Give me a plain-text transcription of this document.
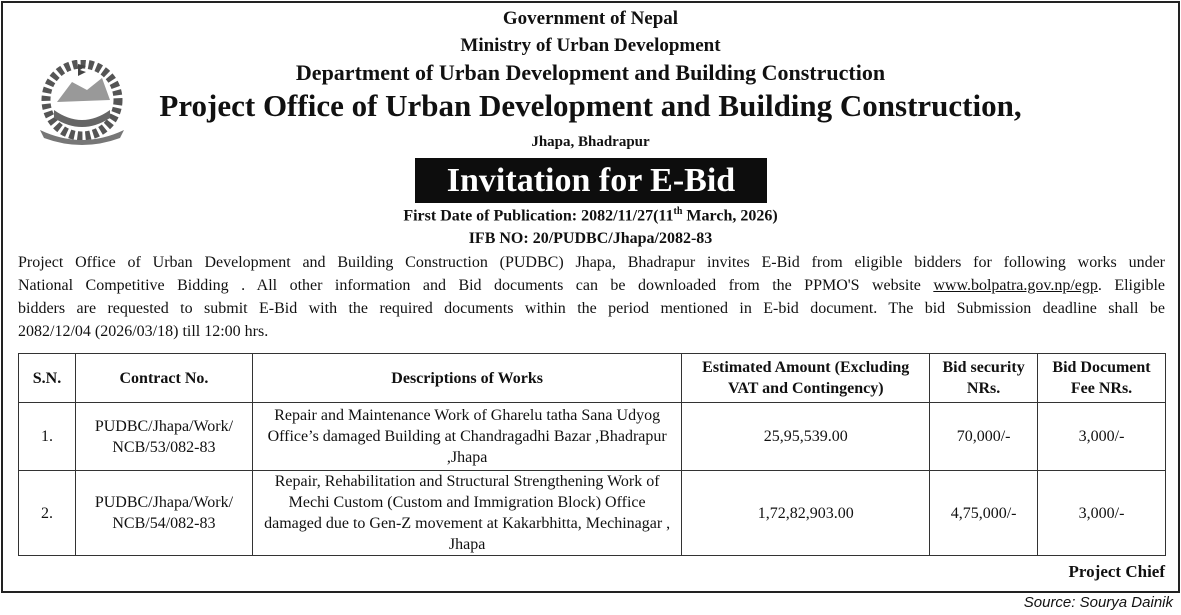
Government of Nepal
Ministry of Urban Development
Department of Urban Development and Building Construction
Project Office of Urban Development and Building Construction,
Jhapa, Bhadrapur
Invitation for E-Bid
First Date of Publication: 2082/11/27(11th March, 2026)
IFB NO: 20/PUDBC/Jhapa/2082-83
Project Office of Urban Development and Building Construction (PUDBC) Jhapa, Bhadrapur invites E-Bid from eligible bidders for following works under
National Competitive Bidding . All other information and Bid documents can be downloaded from the PPMO'S website www.bolpatra.gov.np/egp. Eligible
bidders are requested to submit E-Bid with the required documents within the period mentioned in E-bid document. The bid Submission deadline shall be
2082/12/04 (2026/03/18) till 12:00 hrs.
S.N.	Contract No.	Descriptions of Works	Estimated Amount (Excluding VAT and Contingency)	Bid security NRs.	Bid Document Fee NRs.
1.	PUDBC/Jhapa/Work/ NCB/53/082-83	Repair and Maintenance Work of Gharelu tatha Sana Udyog Office’s damaged Building at Chandragadhi Bazar ,Bhadrapur ,Jhapa	25,95,539.00	70,000/-	3,000/-
2.	PUDBC/Jhapa/Work/ NCB/54/082-83	Repair, Rehabilitation and Structural Strengthening Work of Mechi Custom (Custom and Immigration Block) Office damaged due to Gen-Z movement at Kakarbhitta, Mechinagar , Jhapa	1,72,82,903.00	4,75,000/-	3,000/-
Project Chief
Source: Sourya Dainik
